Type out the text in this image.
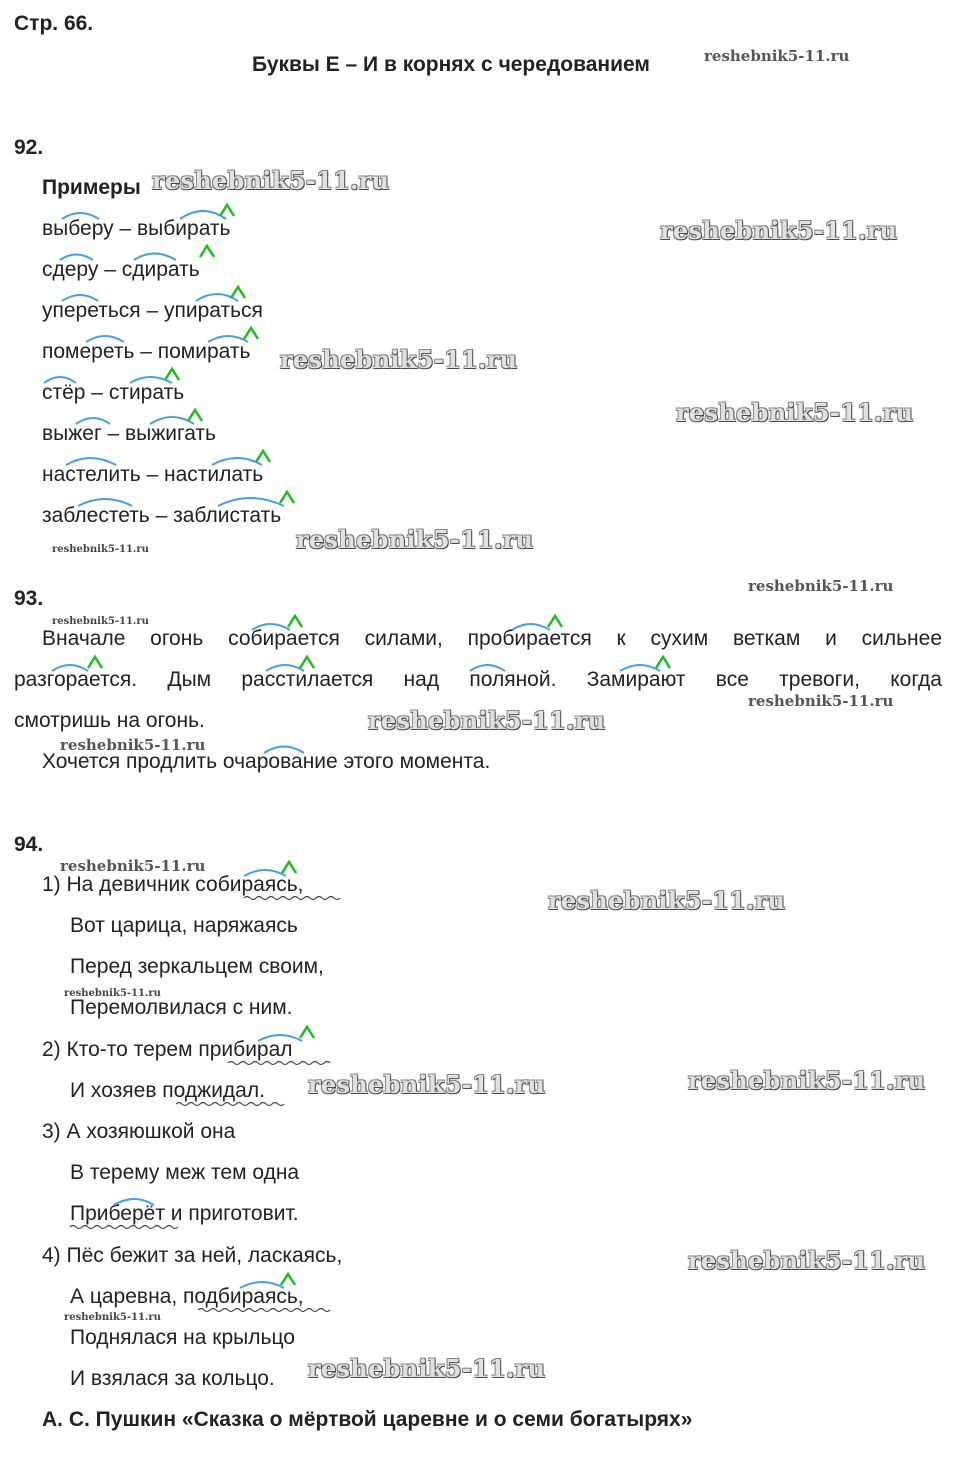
Стр. 66.
Буквы Е – И в корнях с чередованием
92.
Примеры
выберу – выбирать
сдеру – сдирать
упереться – упираться
помереть – помирать
стёр – стирать
выжег – выжигать
настелить – настилать
заблестеть – заблистать
93.
Вначале огонь собирается силами, пробирается к сухим веткам и сильнее
разгорается. Дым расстилается над поляной. Замирают все тревоги, когда
смотришь на огонь.
Хочется продлить очарование этого момента.
94.
1) На девичник собираясь,
Вот царица, наряжаясь
Перед зеркальцем своим,
Перемолвилася с ним.
2) Кто-то терем прибирал
И хозяев поджидал.
3) А хозяюшкой она
В терему меж тем одна
Приберёт и приготовит.
4) Пёс бежит за ней, ласкаясь,
А царевна, подбираясь,
Поднялася на крыльцо
И взялася за кольцо.
А. С. Пушкин «Сказка о мёртвой царевне и о семи богатырях»
reshebnik5-11.ru
reshebnik5-11.ru
reshebnik5-11.ru
reshebnik5-11.ru
reshebnik5-11.ru
reshebnik5-11.ru
reshebnik5-11.ru
reshebnik5-11.ru
reshebnik5-11.ru
reshebnik5-11.ru
reshebnik5-11.ru
reshebnik5-11.ru
reshebnik5-11.ru
reshebnik5-11.ru
reshebnik5-11.ru
reshebnik5-11.ru
reshebnik5-11.ru
reshebnik5-11.ru
reshebnik5-11.ru
reshebnik5-11.ru
